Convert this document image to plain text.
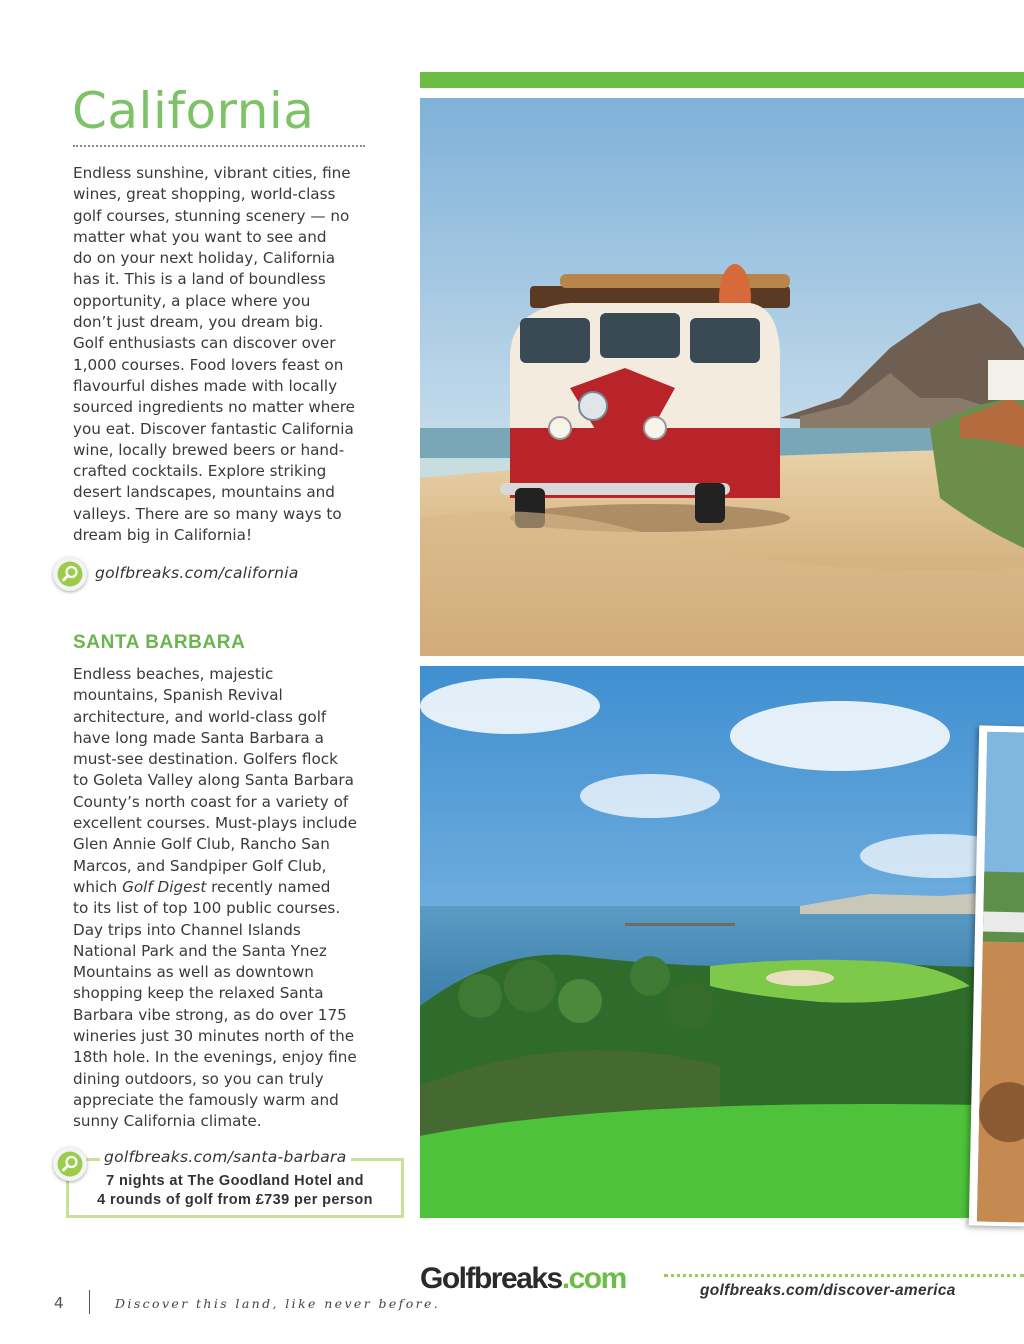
California

Endless sunshine, vibrant cities, fine
wines, great shopping, world-class
golf courses, stunning scenery — no
matter what you want to see and
do on your next holiday, California
has it. This is a land of boundless
opportunity, a place where you
don’t just dream, you dream big.
Golf enthusiasts can discover over
1,000 courses. Food lovers feast on
flavourful dishes made with locally
sourced ingredients no matter where
you eat. Discover fantastic California
wine, locally brewed beers or hand-
crafted cocktails. Explore striking
desert landscapes, mountains and
valleys. There are so many ways to
dream big in California!

golfbreaks.com/california
SANTA BARBARA

Endless beaches, majestic
mountains, Spanish Revival
architecture, and world-class golf
have long made Santa Barbara a
must-see destination. Golfers flock
to Goleta Valley along Santa Barbara
County’s north coast for a variety of
excellent courses. Must-plays include
Glen Annie Golf Club, Rancho San
Marcos, and Sandpiper Golf Club,
which Golf Digest recently named
to its list of top 100 public courses.
Day trips into Channel Islands
National Park and the Santa Ynez
Mountains as well as downtown
shopping keep the relaxed Santa
Barbara vibe strong, as do over 175
wineries just 30 minutes north of the
18th hole. In the evenings, enjoy fine
dining outdoors, so you can truly
appreciate the famously warm and
sunny California climate.

7 nights at The Goodland Hotel and
4 rounds of golf from £739 per person
golfbreaks.com/santa-barbara
Golfbreaks.com	golfbreaks.com/discover-america
4	Discover this land, like never before.
